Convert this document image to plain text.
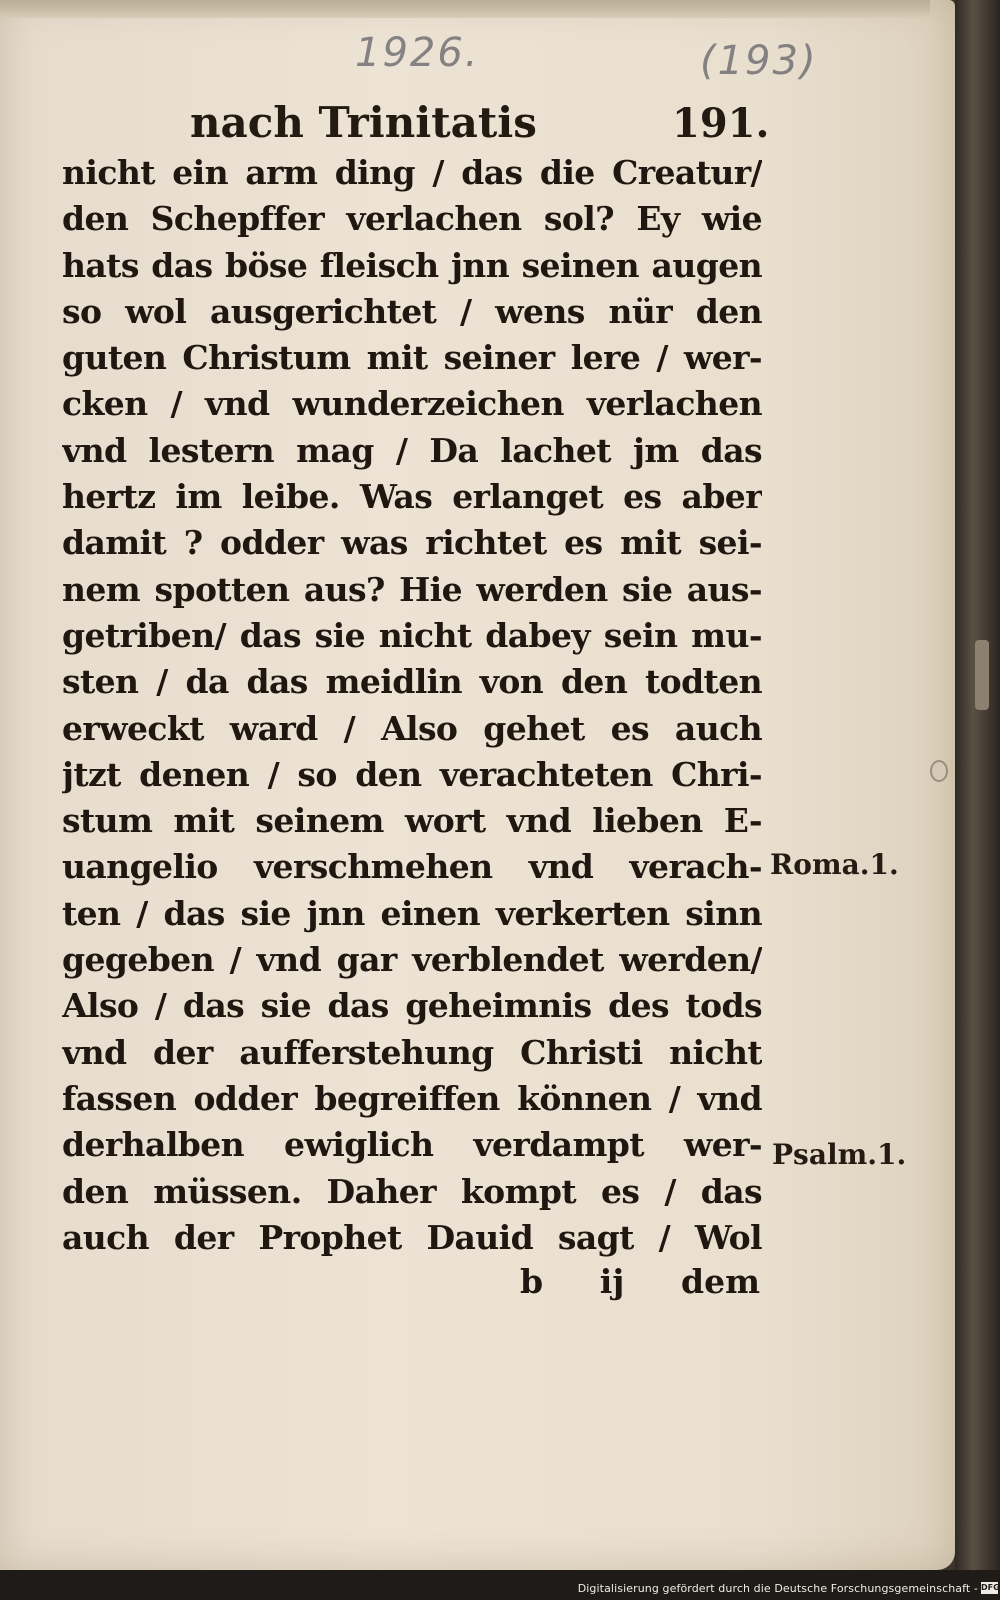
1926.	(193)
nach Trinitatis	191.
nicht ein arm ding / das die Creatur/
den Schepffer verlachen sol? Ey wie
hats das böse fleisch jnn seinen augen
so wol ausgerichtet / wens nür den
guten Christum mit seiner lere / wer-
cken / vnd wunderzeichen verlachen
vnd lestern mag / Da lachet jm das
hertz im leibe. Was erlanget es aber
damit ? odder was richtet es mit sei-
nem spotten aus? Hie werden sie aus-
getriben/ das sie nicht dabey sein mu-
sten / da das meidlin von den todten
erweckt ward / Also gehet es auch
jtzt denen / so den verachteten Chri-
stum mit seinem wort vnd lieben E-
uangelio verschmehen vnd verach-
ten / das sie jnn einen verkerten sinn
gegeben / vnd gar verblendet werden/
Also / das sie das geheimnis des tods
vnd der aufferstehung Christi nicht
fassen odder begreiffen können / vnd
derhalben ewiglich verdampt wer-
den müssen. Daher kompt es / das
auch der Prophet Dauid sagt / Wol
b ij dem
Roma.1.
Psalm.1.
Digitalisierung gefördert durch die Deutsche Forschungsgemeinschaft - DFG
